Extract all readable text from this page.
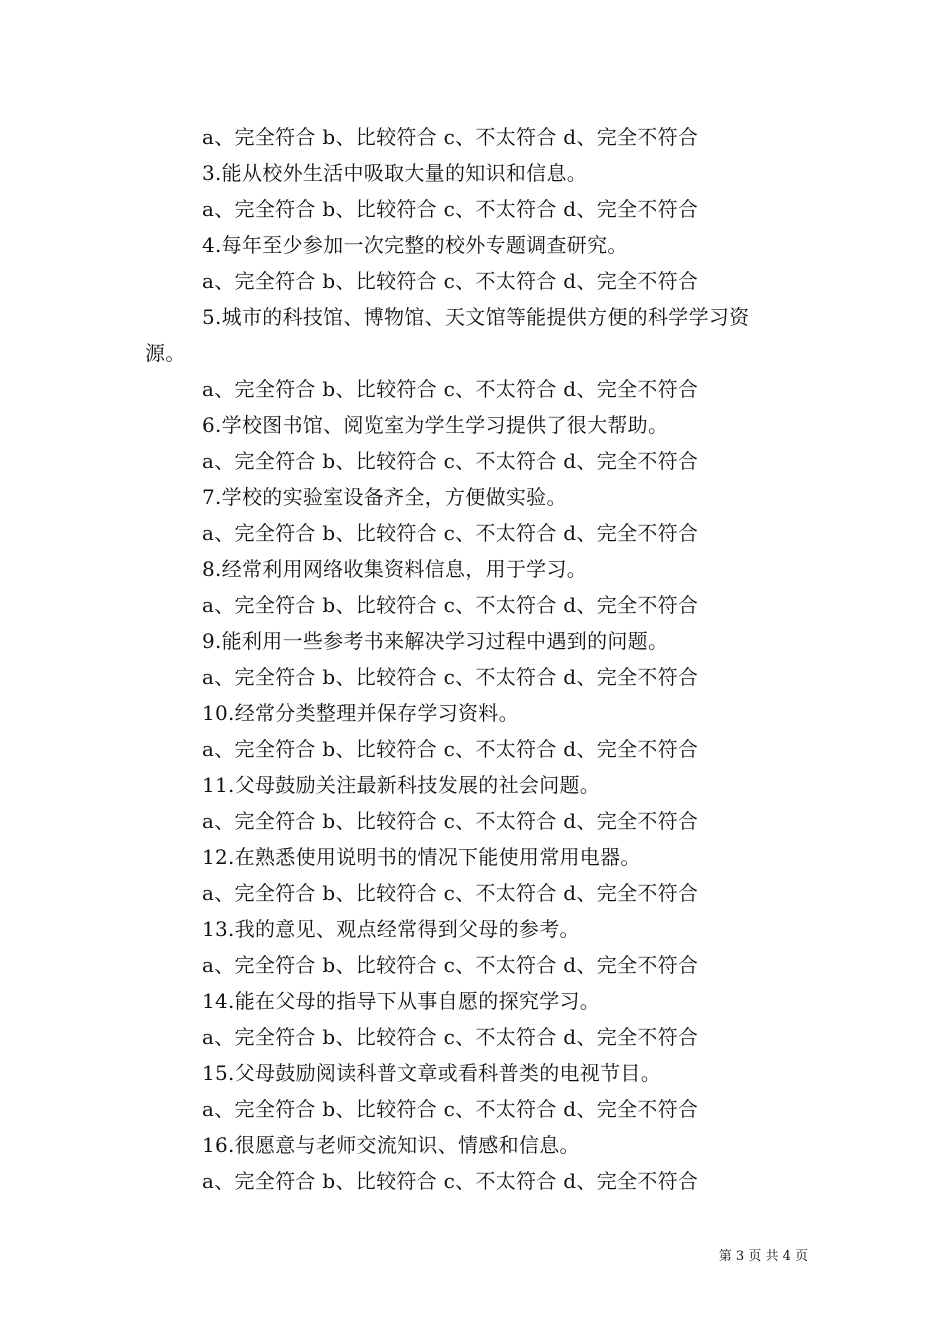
a、完全符合 b、比较符合 c、不太符合 d、完全不符合
3.能从校外生活中吸取大量的知识和信息。
a、完全符合 b、比较符合 c、不太符合 d、完全不符合
4.每年至少参加一次完整的校外专题调查研究。
a、完全符合 b、比较符合 c、不太符合 d、完全不符合
5.城市的科技馆、博物馆、天文馆等能提供方便的科学学习资
源。
a、完全符合 b、比较符合 c、不太符合 d、完全不符合
6.学校图书馆、阅览室为学生学习提供了很大帮助。
a、完全符合 b、比较符合 c、不太符合 d、完全不符合
7.学校的实验室设备齐全，方便做实验。
a、完全符合 b、比较符合 c、不太符合 d、完全不符合
8.经常利用网络收集资料信息，用于学习。
a、完全符合 b、比较符合 c、不太符合 d、完全不符合
9.能利用一些参考书来解决学习过程中遇到的问题。
a、完全符合 b、比较符合 c、不太符合 d、完全不符合
10.经常分类整理并保存学习资料。
a、完全符合 b、比较符合 c、不太符合 d、完全不符合
11.父母鼓励关注最新科技发展的社会问题。
a、完全符合 b、比较符合 c、不太符合 d、完全不符合
12.在熟悉使用说明书的情况下能使用常用电器。
a、完全符合 b、比较符合 c、不太符合 d、完全不符合
13.我的意见、观点经常得到父母的参考。
a、完全符合 b、比较符合 c、不太符合 d、完全不符合
14.能在父母的指导下从事自愿的探究学习。
a、完全符合 b、比较符合 c、不太符合 d、完全不符合
15.父母鼓励阅读科普文章或看科普类的电视节目。
a、完全符合 b、比较符合 c、不太符合 d、完全不符合
16.很愿意与老师交流知识、情感和信息。
a、完全符合 b、比较符合 c、不太符合 d、完全不符合
第 3 页 共 4 页
